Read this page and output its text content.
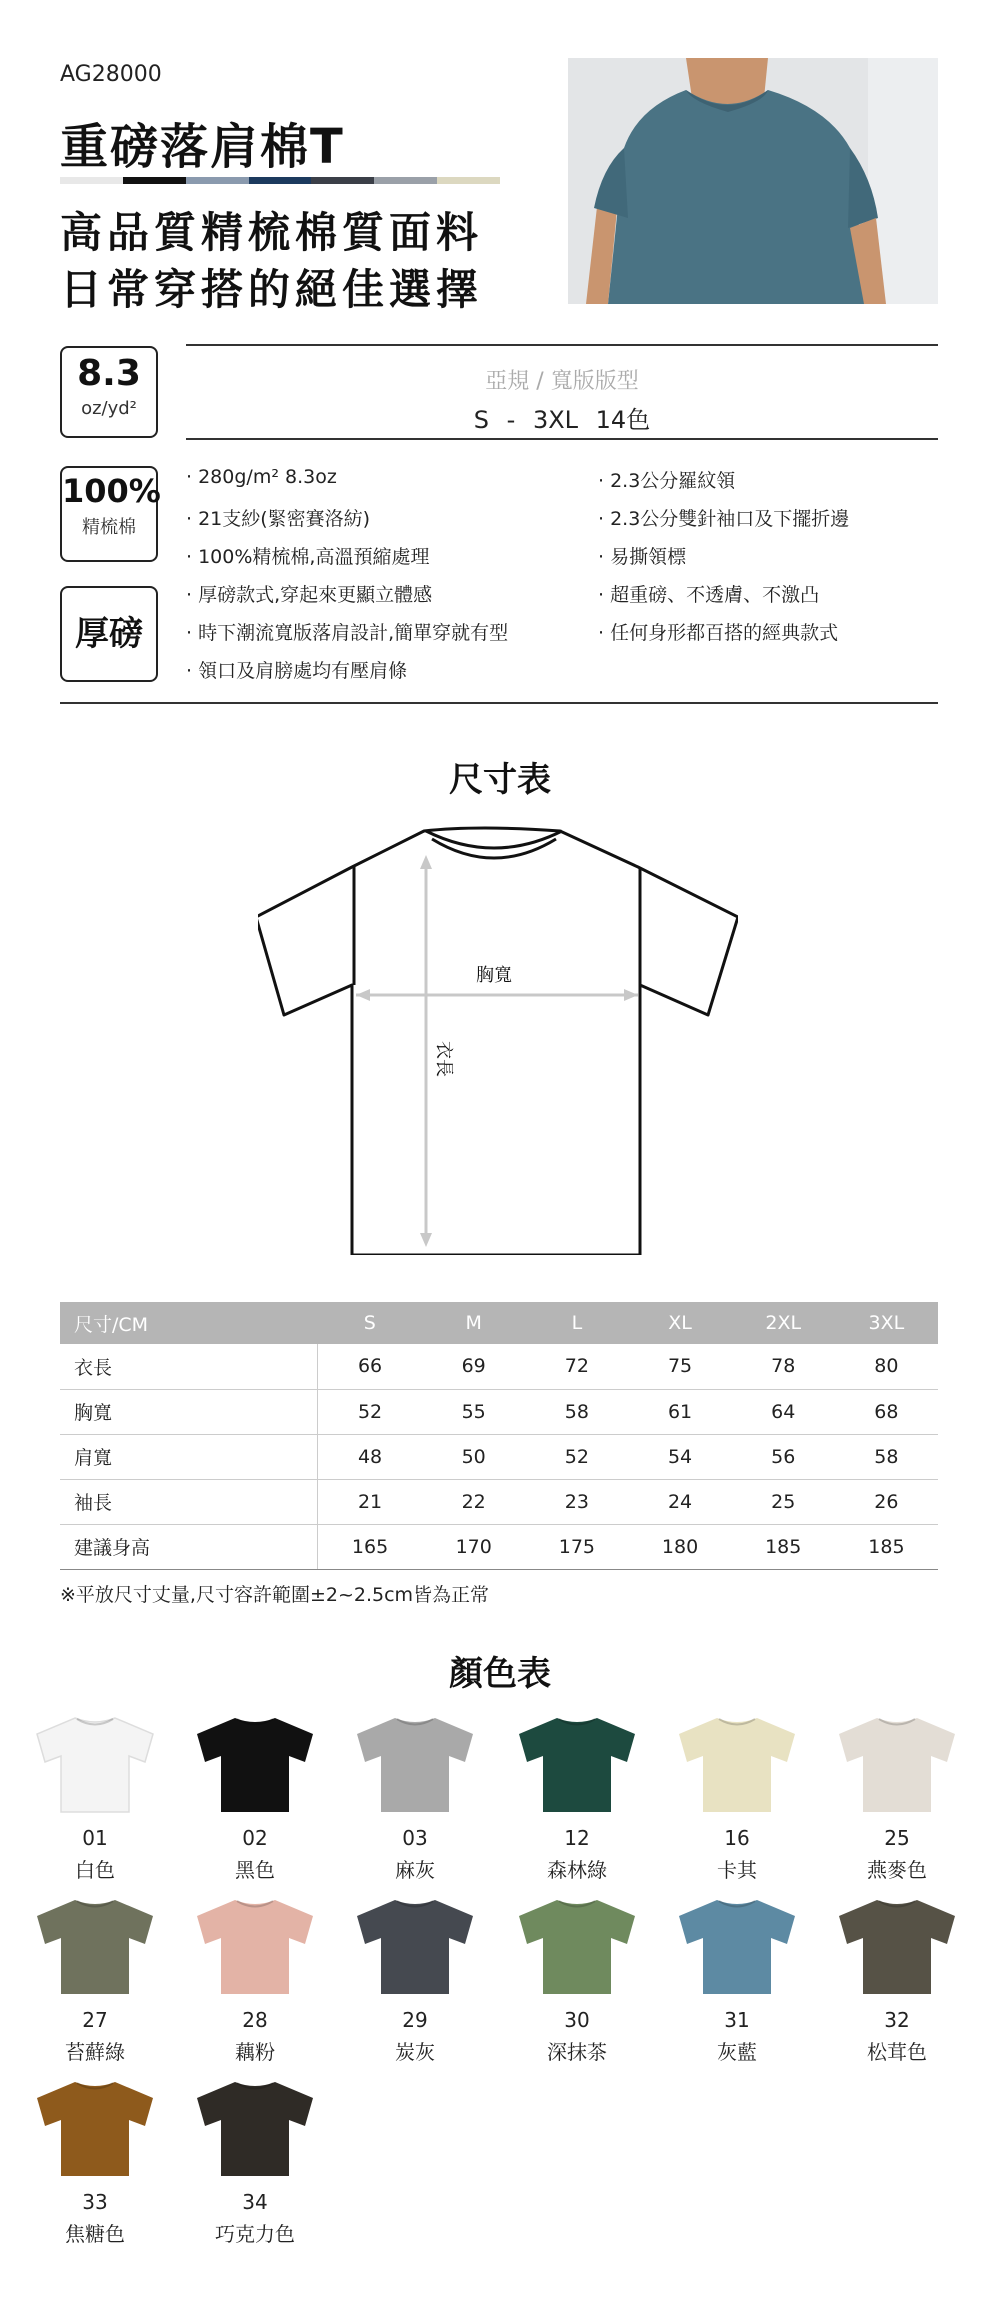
AG28000
重磅落肩棉T
高品質精梳棉質面料
日常穿搭的絕佳選擇
8.3
oz/yd²
100%
精梳棉
厚磅
亞規 / 寬版版型
S - 3XL 14色
· 280g/m² 8.3oz
· 21支紗(緊密賽洛紡)
· 100%精梳棉,高溫預縮處理
· 厚磅款式,穿起來更顯立體感
· 時下潮流寬版落肩設計,簡單穿就有型
· 領口及肩膀處均有壓肩條
· 2.3公分羅紋領
· 2.3公分雙針袖口及下擺折邊
· 易撕領標
· 超重磅、不透膚、不激凸
· 任何身形都百搭的經典款式
尺寸表
胸寬
衣長
尺寸/CM	S	M	L	XL	2XL	3XL
衣長	66	69	72	75	78	80
胸寬	52	55	58	61	64	68
肩寬	48	50	52	54	56	58
袖長	21	22	23	24	25	26
建議身高	165	170	175	180	185	185
※平放尺寸丈量,尺寸容許範圍±2~2.5cm皆為正常
顏色表
01
白色
02
黑色
03
麻灰
12
森林綠
16
卡其
25
燕麥色
27
苔蘚綠
28
藕粉
29
炭灰
30
深抹茶
31
灰藍
32
松茸色
33
焦糖色
34
巧克力色
